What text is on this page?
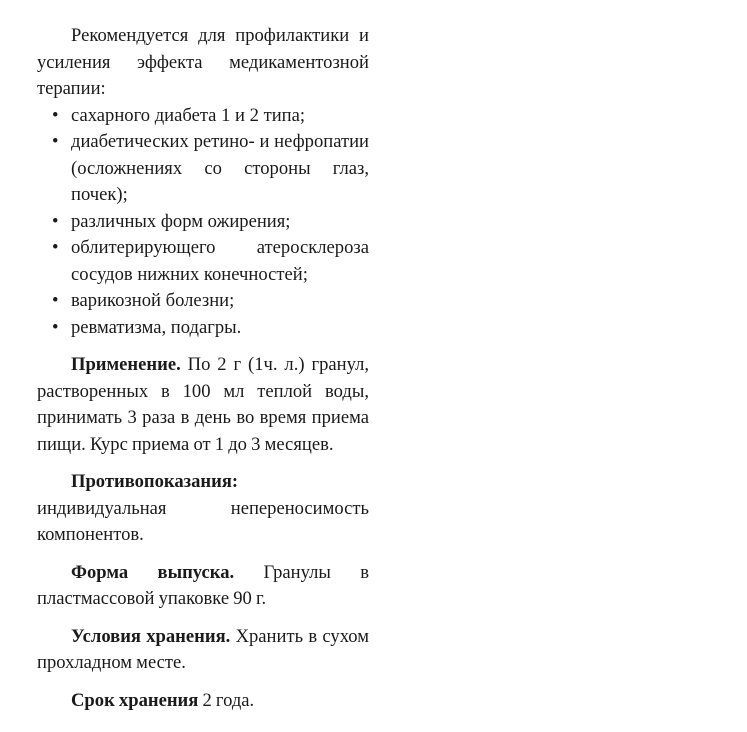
Рекомендуется для профилактики и усиления эффекта медикаментозной терапии:

• сахарного диабета 1 и 2 типа;
• диабетических ретино- и нефропатии (осложнениях со стороны глаз, почек);
• различных форм ожирения;
• облитерирующего атеросклероза сосудов нижних конечностей;
• варикозной болезни;
• ревматизма, подагры.

Применение. По 2 г (1ч. л.) гранул, растворенных в 100 мл теплой воды, принимать 3 раза в день во время приема пищи. Курс приема от 1 до 3 месяцев.

Противопоказания: индивидуальная непереносимость компонентов.

Форма выпуска. Гранулы в пластмассовой упаковке 90 г.

Условия хранения. Хранить в сухом прохладном месте.

Срок хранения 2 года.
